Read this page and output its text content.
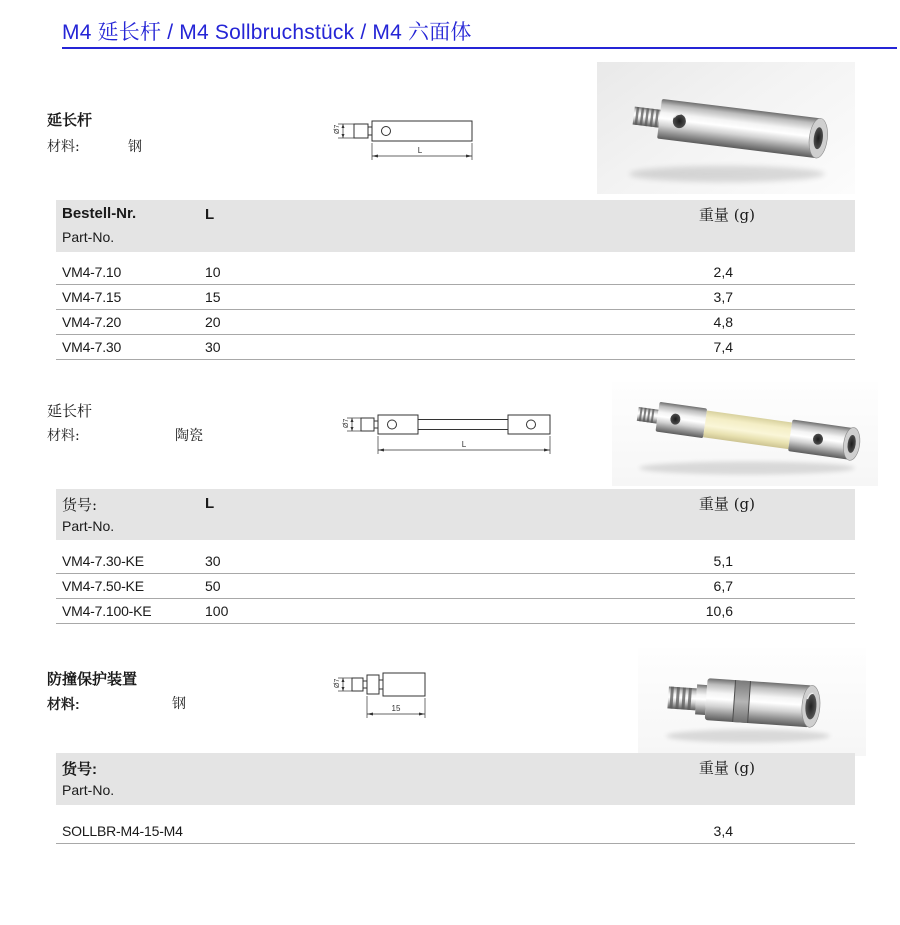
M4 延长杆 / M4 Sollbruchstück / M4 六面体
延长杆
材料:	钢
Ø7
L
Bestell-Nr.	L	重量 (g)
Part-No.
VM4-7.10	10	2,4
VM4-7.15	15	3,7
VM4-7.20	20	4,8
VM4-7.30	30	7,4
延长杆
材料:	陶瓷
Ø7
L
货号:	L	重量 (g)
Part-No.
VM4-7.30-KE	30	5,1
VM4-7.50-KE	50	6,7
VM4-7.100-KE	100	10,6
防撞保护装置
材料:	钢
Ø7
15
货号:	重量 (g)
Part-No.
SOLLBR-M4-15-M4	3,4
